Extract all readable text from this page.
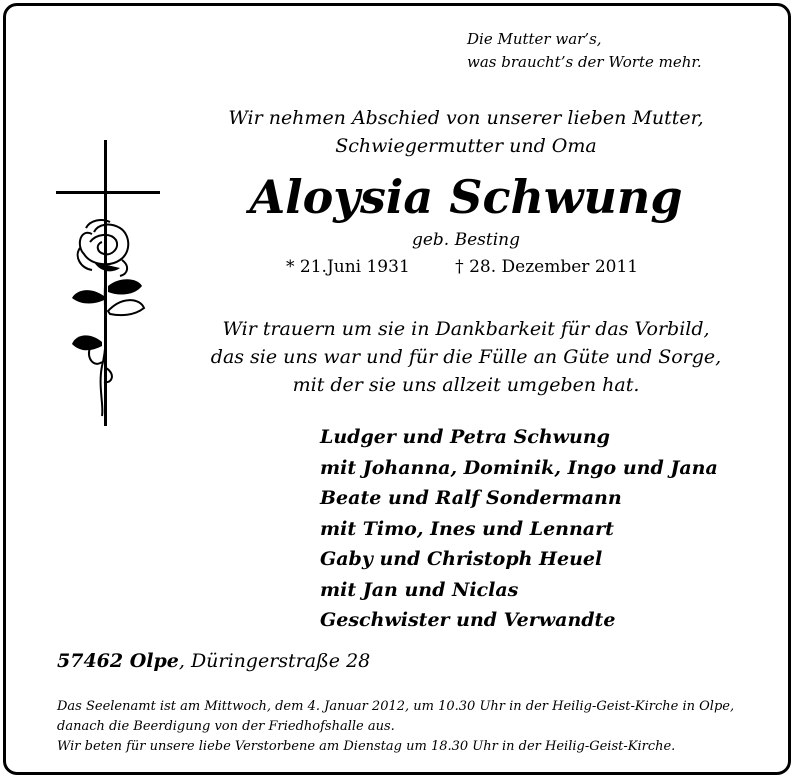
Die Mutter war’s,
was braucht’s der Worte mehr.
Wir nehmen Abschied von unserer lieben Mutter,
Schwiegermutter und Oma
Aloysia Schwung
geb. Besting
* 21.Juni 1931	† 28. Dezember 2011
Wir trauern um sie in Dankbarkeit für das Vorbild,
das sie uns war und für die Fülle an Güte und Sorge,
mit der sie uns allzeit umgeben hat.
Ludger und Petra Schwung
mit Johanna, Dominik, Ingo und Jana
Beate und Ralf Sondermann
mit Timo, Ines und Lennart
Gaby und Christoph Heuel
mit Jan und Niclas
Geschwister und Verwandte
57462 Olpe, Düringerstraße 28
Das Seelenamt ist am Mittwoch, dem 4. Januar 2012, um 10.30 Uhr in der Heilig-Geist-Kirche in Olpe,
danach die Beerdigung von der Friedhofshalle aus.
Wir beten für unsere liebe Verstorbene am Dienstag um 18.30 Uhr in der Heilig-Geist-Kirche.
